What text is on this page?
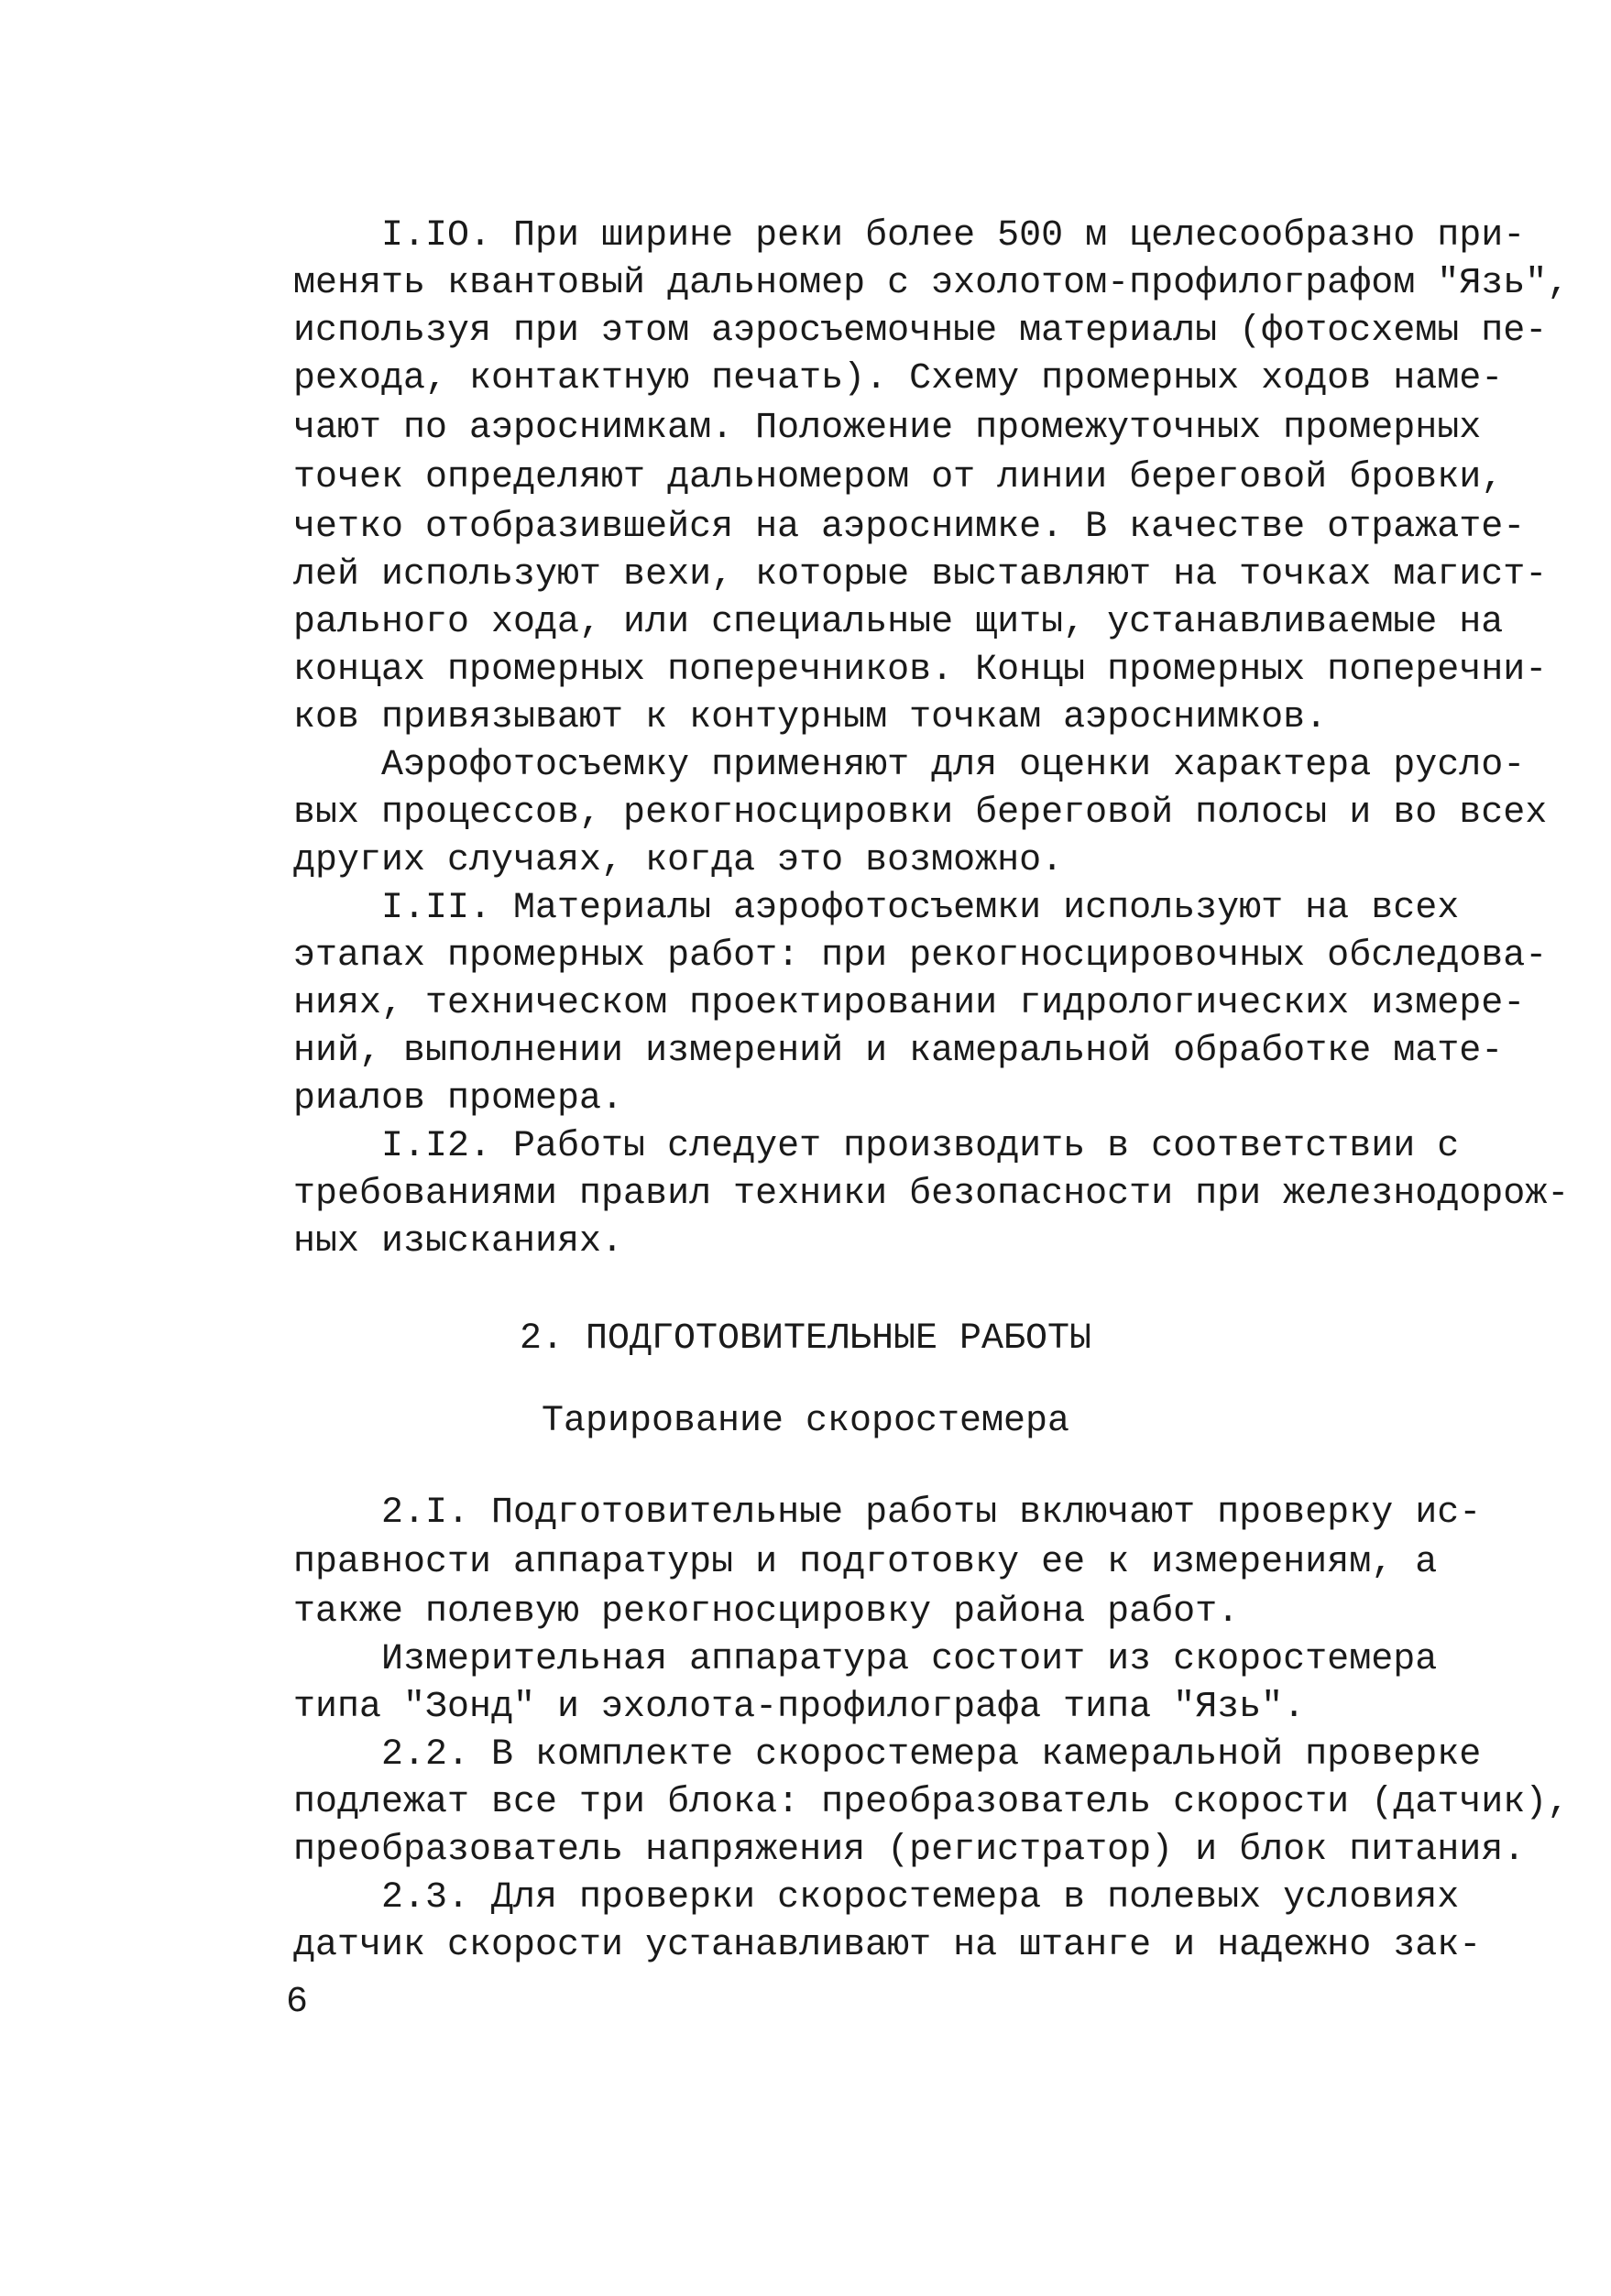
I.IO. При ширине реки более 500 м целесообразно при-
менять квантовый дальномер с эхолотом-профилографом "Язь",
используя при этом аэросъемочные материалы (фотосхемы пе-
рехода, контактную печать). Схему промерных ходов наме-
чают по аэроснимкам. Положение промежуточных промерных
точек определяют дальномером от линии береговой бровки,
четко отобразившейся на аэроснимке. В качестве отражате-
лей используют вехи, которые выставляют на точках магист-
рального хода, или специальные щиты, устанавливаемые на
концах промерных поперечников. Концы промерных поперечни-
ков привязывают к контурным точкам аэроснимков.
Аэрофотосъемку применяют для оценки характера русло-
вых процессов, рекогносцировки береговой полосы и во всех
других случаях, когда это возможно.
I.II. Материалы аэрофотосъемки используют на всех
этапах промерных работ: при рекогносцировочных обследова-
ниях, техническом проектировании гидрологических измере-
ний, выполнении измерений и камеральной обработке мате-
риалов промера.
I.I2. Работы следует производить в соответствии с
требованиями правил техники безопасности при железнодорож-
ных изысканиях.
2. ПОДГОТОВИТЕЛЬНЫЕ РАБОТЫ
Тарирование скоростемера
2.I. Подготовительные работы включают проверку ис-
правности аппаратуры и подготовку ее к измерениям, а
также полевую рекогносцировку района работ.
Измерительная аппаратура состоит из скоростемера
типа "Зонд" и эхолота-профилографа типа "Язь".
2.2. В комплекте скоростемера камеральной проверке
подлежат все три блока: преобразователь скорости (датчик),
преобразователь напряжения (регистратор) и блок питания.
2.3. Для проверки скоростемера в полевых условиях
датчик скорости устанавливают на штанге и надежно зак-
6
